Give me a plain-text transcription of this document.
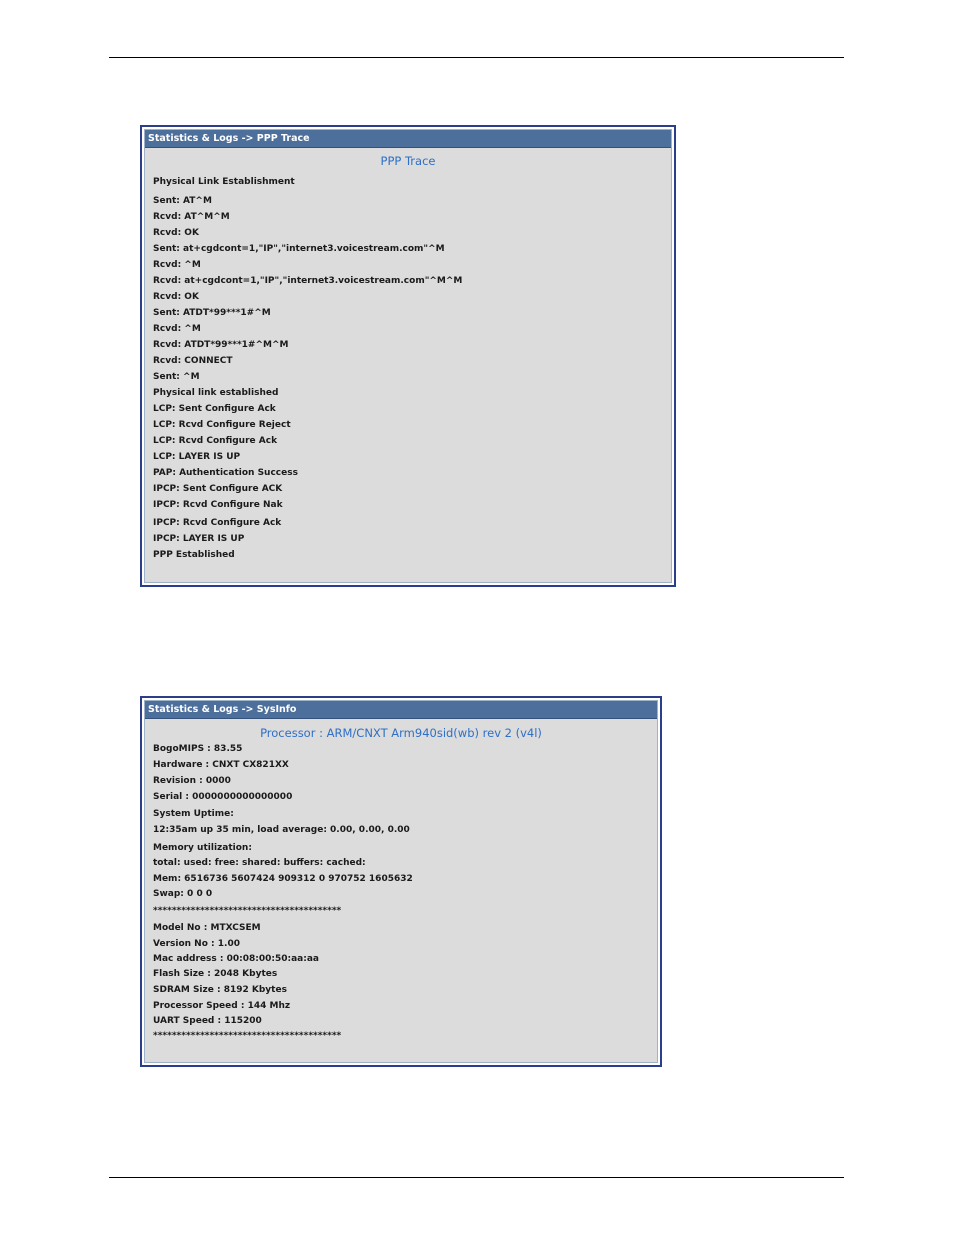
Statistics & Logs -> PPP Trace
PPP Trace
Physical Link Establishment
Sent: AT^M
Rcvd: AT^M^M
Rcvd: OK
Sent: at+cgdcont=1,"IP","internet3.voicestream.com"^M
Rcvd: ^M
Rcvd: at+cgdcont=1,"IP","internet3.voicestream.com"^M^M
Rcvd: OK
Sent: ATDT*99***1#^M
Rcvd: ^M
Rcvd: ATDT*99***1#^M^M
Rcvd: CONNECT
Sent: ^M
Physical link established
LCP: Sent Configure Ack
LCP: Rcvd Configure Reject
LCP: Rcvd Configure Ack
LCP: LAYER IS UP
PAP: Authentication Success
IPCP: Sent Configure ACK
IPCP: Rcvd Configure Nak
IPCP: Rcvd Configure Ack
IPCP: LAYER IS UP
PPP Established
Statistics & Logs -> SysInfo
Processor : ARM/CNXT Arm940sid(wb) rev 2 (v4l)
BogoMIPS : 83.55
Hardware : CNXT CX821XX
Revision : 0000
Serial : 0000000000000000
System Uptime:
12:35am up 35 min, load average: 0.00, 0.00, 0.00
Memory utilization:
total: used: free: shared: buffers: cached:
Mem: 6516736 5607424 909312 0 970752 1605632
Swap: 0 0 0
****************************************
Model No : MTXCSEM
Version No : 1.00
Mac address : 00:08:00:50:aa:aa
Flash Size : 2048 Kbytes
SDRAM Size : 8192 Kbytes
Processor Speed : 144 Mhz
UART Speed : 115200
****************************************
